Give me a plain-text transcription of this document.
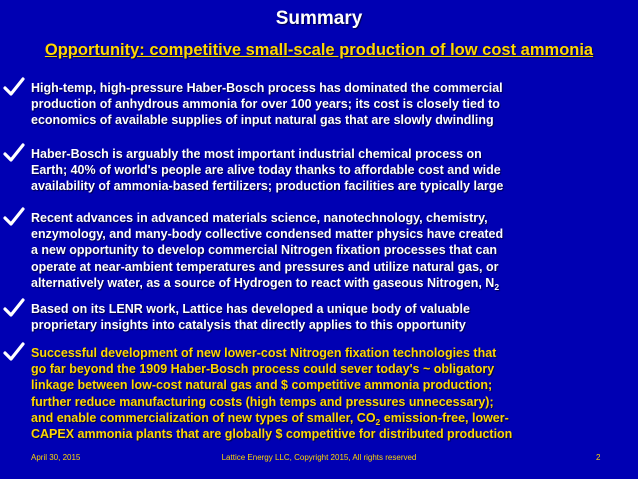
Summary
Opportunity: competitive small-scale production of low cost ammonia
High-temp, high-pressure Haber-Bosch process has dominated the commercial
production of anhydrous ammonia for over 100 years; its cost is closely tied to
economics of available supplies of input natural gas that are slowly dwindling
Haber-Bosch is arguably the most important industrial chemical process on
Earth; 40% of world's people are alive today thanks to affordable cost and wide
availability of ammonia-based fertilizers; production facilities are typically large
Recent advances in advanced materials science, nanotechnology, chemistry,
enzymology, and many-body collective condensed matter physics have created
a new opportunity to develop commercial Nitrogen fixation processes that can
operate at near-ambient temperatures and pressures and utilize natural gas, or
alternatively water, as a source of Hydrogen to react with gaseous Nitrogen, $N_2$
Based on its LENR work, Lattice has developed a unique body of valuable
proprietary insights into catalysis that directly applies to this opportunity
Successful development of new lower-cost Nitrogen fixation technologies that
go far beyond the 1909 Haber-Bosch process could sever today's ~ obligatory
linkage between low-cost natural gas and $ competitive ammonia production;
further reduce manufacturing costs (high temps and pressures unnecessary);
and enable commercialization of new types of smaller, $CO_2$ emission-free, lower-
CAPEX ammonia plants that are globally $ competitive for distributed production
April 30, 2015	Lattice Energy LLC, Copyright 2015, All rights reserved	2
